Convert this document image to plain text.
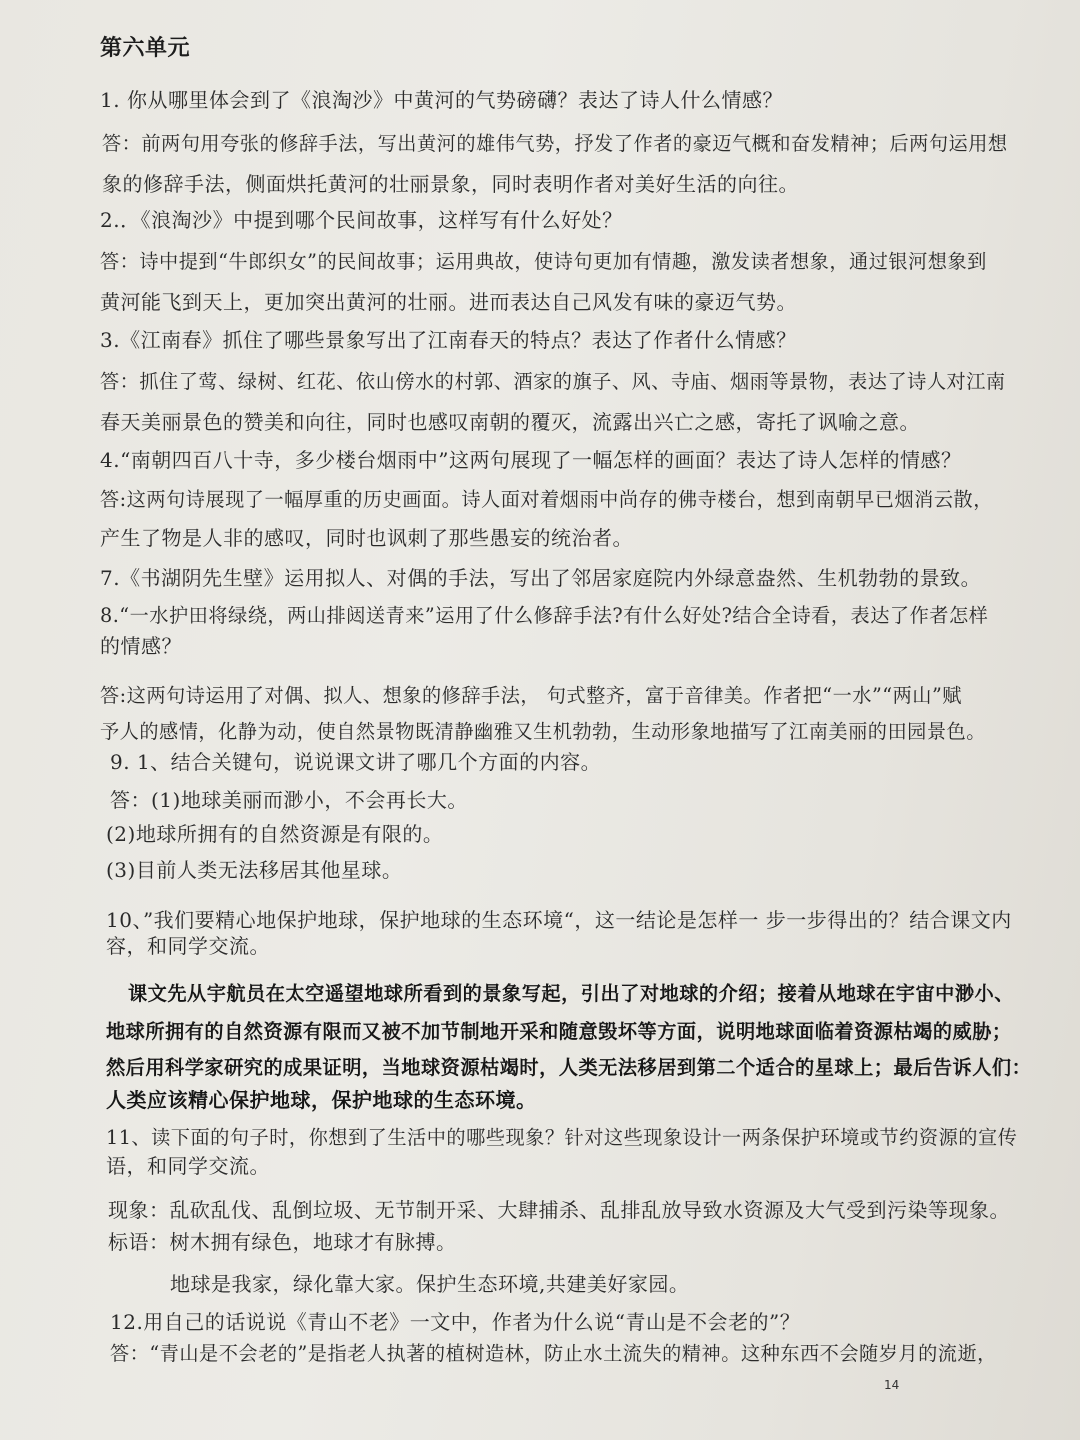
第六单元
1. 你从哪里体会到了《浪淘沙》中黄河的气势磅礴？表达了诗人什么情感？
答：前两句用夸张的修辞手法，写出黄河的雄伟气势，抒发了作者的豪迈气概和奋发精神；后两句运用想
象的修辞手法，侧面烘托黄河的壮丽景象，同时表明作者对美好生活的向往。
2.．《浪淘沙》中提到哪个民间故事，这样写有什么好处？
答：诗中提到“牛郎织女”的民间故事；运用典故，使诗句更加有情趣，激发读者想象，通过银河想象到
黄河能飞到天上，更加突出黄河的壮丽。进而表达自己风发有味的豪迈气势。
3.《江南春》抓住了哪些景象写出了江南春天的特点？表达了作者什么情感？
答：抓住了莺、绿树、红花、依山傍水的村郭、酒家的旗子、风、寺庙、烟雨等景物，表达了诗人对江南
春天美丽景色的赞美和向往，同时也感叹南朝的覆灭，流露出兴亡之感，寄托了讽喻之意。
4.“南朝四百八十寺，多少楼台烟雨中”这两句展现了一幅怎样的画面？表达了诗人怎样的情感？
答:这两句诗展现了一幅厚重的历史画面。诗人面对着烟雨中尚存的佛寺楼台，想到南朝早已烟消云散，
产生了物是人非的感叹，同时也讽刺了那些愚妄的统治者。
7.《书湖阴先生壁》运用拟人、对偶的手法，写出了邻居家庭院内外绿意盎然、生机勃勃的景致。
8.“一水护田将绿绕，两山排闼送青来”运用了什么修辞手法?有什么好处?结合全诗看，表达了作者怎样
的情感？
答:这两句诗运用了对偶、拟人、想象的修辞手法， 句式整齐，富于音律美。作者把“一水”“两山”赋
予人的感情，化静为动，使自然景物既清静幽雅又生机勃勃，生动形象地描写了江南美丽的田园景色。
9. 1、结合关键句，说说课文讲了哪几个方面的内容。
答：(1)地球美丽而渺小，不会再长大。
(2)地球所拥有的自然资源是有限的。
(3)目前人类无法移居其他星球。
10、”我们要精心地保护地球，保护地球的生态环境“，这一结论是怎样一 步一步得出的？结合课文内
容，和同学交流。
课文先从宇航员在太空遥望地球所看到的景象写起，引出了对地球的介绍；接着从地球在宇宙中渺小、
地球所拥有的自然资源有限而又被不加节制地开采和随意毁坏等方面，说明地球面临着资源枯竭的威胁；
然后用科学家研究的成果证明，当地球资源枯竭时，人类无法移居到第二个适合的星球上；最后告诉人们：
人类应该精心保护地球，保护地球的生态环境。
11、读下面的句子时，你想到了生活中的哪些现象？针对这些现象设计一两条保护环境或节约资源的宣传
语，和同学交流。
现象：乱砍乱伐、乱倒垃圾、无节制开采、大肆捕杀、乱排乱放导致水资源及大气受到污染等现象。
标语：树木拥有绿色，地球才有脉搏。
地球是我家，绿化靠大家。保护生态环境,共建美好家园。
12.用自己的话说说《青山不老》一文中，作者为什么说“青山是不会老的”？
答：“青山是不会老的”是指老人执著的植树造林，防止水土流失的精神。这种东西不会随岁月的流逝，
14
